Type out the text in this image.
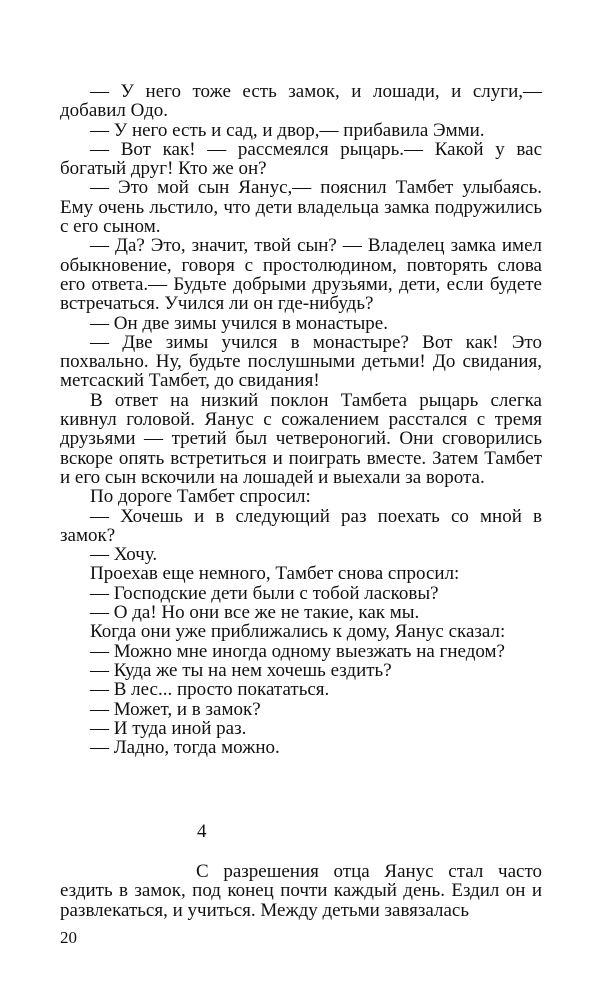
— У него тоже есть замок, и лошади, и слуги,— добавил Одо.

— У него есть и сад, и двор,— прибавила Эмми.

— Вот как! — рассмеялся рыцарь.— Какой у вас богатый друг! Кто же он?

— Это мой сын Яанус,— пояснил Тамбет улыбаясь. Ему очень льстило, что дети владельца замка подружились с его сыном.

— Да? Это, значит, твой сын? — Владелец замка имел обыкновение, говоря с простолюдином, повторять слова его ответа.— Будьте добрыми друзьями, дети, если будете встречаться. Учился ли он где-нибудь?

— Он две зимы учился в монастыре.

— Две зимы учился в монастыре? Вот как! Это похвально. Ну, будьте послушными детьми! До свидания, метсаский Тамбет, до свидания!

В ответ на низкий поклон Тамбета рыцарь слегка кивнул головой. Яанус с сожалением расстался с тремя друзьями — третий был четвероногий. Они сговорились вскоре опять встретиться и поиграть вместе. Затем Тамбет и его сын вскочили на лошадей и выехали за ворота.

По дороге Тамбет спросил:

— Хочешь и в следующий раз поехать со мной в замок?

— Хочу.

Проехав еще немного, Тамбет снова спросил:

— Господские дети были с тобой ласковы?

— О да! Но они все же не такие, как мы.

Когда они уже приближались к дому, Яанус сказал:

— Можно мне иногда одному выезжать на гнедом?

— Куда же ты на нем хочешь ездить?

— В лес... просто покататься.

— Может, и в замок?

— И туда иной раз.

— Ладно, тогда можно.

4

С разрешения отца Яанус стал часто ездить в замок, под конец почти каждый день. Ездил он и развлекаться, и учиться. Между детьми завязалась

20
